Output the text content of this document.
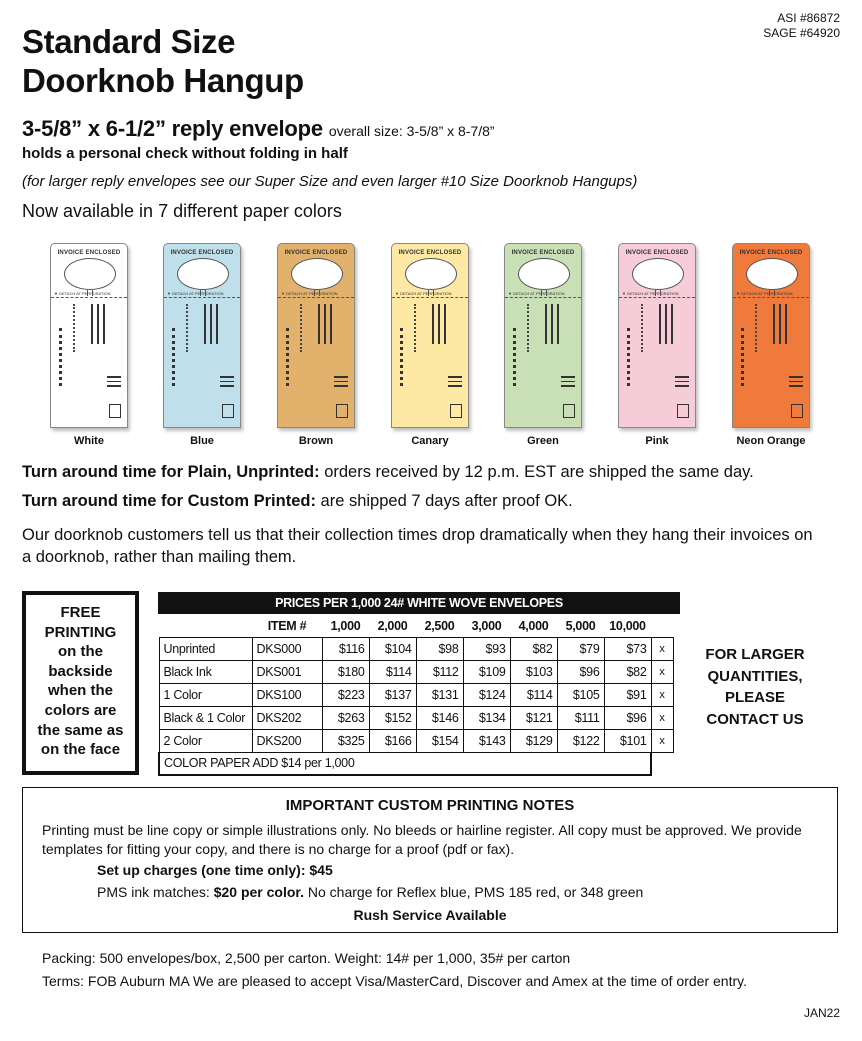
ASI #86872
SAGE #64920
Standard Size
Doorknob Hangup
3-5/8” x 6-1/2” reply envelope overall size: 3-5/8” x 8-7/8”
holds a personal check without folding in half
(for larger reply envelopes see our Super Size and even larger #10 Size Doorknob Hangups)
Now available in 7 different paper colors
INVOICE ENCLOSED
▼ DETACH AT PERFORATION
White
INVOICE ENCLOSED
▼ DETACH AT PERFORATION
Blue
INVOICE ENCLOSED
▼ DETACH AT PERFORATION
Brown
INVOICE ENCLOSED
▼ DETACH AT PERFORATION
Canary
INVOICE ENCLOSED
▼ DETACH AT PERFORATION
Green
INVOICE ENCLOSED
▼ DETACH AT PERFORATION
Pink
INVOICE ENCLOSED
▼ DETACH AT PERFORATION
Neon Orange
Turn around time for Plain, Unprinted: orders received by 12 p.m. EST are shipped the same day.
Turn around time for Custom Printed: are shipped 7 days after proof OK.
Our doorknob customers tell us that their collection times drop dramatically when they hang their invoices on a doorknob, rather than mailing them.
FREE
PRINTING
on the
backside
when the
colors are
the same as
on the face
PRICES PER 1,000 24# WHITE WOVE ENVELOPES
	ITEM #	1,000	2,000	2,500	3,000	4,000	5,000	10,000	
Unprinted	DKS000	$116	$104	$98	$93	$82	$79	$73	x
Black Ink	DKS001	$180	$114	$112	$109	$103	$96	$82	x
1 Color	DKS100	$223	$137	$131	$124	$114	$105	$91	x
Black & 1 Color	DKS202	$263	$152	$146	$134	$121	$111	$96	x
2 Color	DKS200	$325	$166	$154	$143	$129	$122	$101	x
COLOR PAPER ADD $14 per 1,000									
FOR LARGER
QUANTITIES,
PLEASE
CONTACT US
IMPORTANT CUSTOM PRINTING NOTES
Printing must be line copy or simple illustrations only. No bleeds or hairline register. All copy must be approved. We provide templates for fitting your copy, and there is no charge for a proof (pdf or fax).
Set up charges (one time only): $45
PMS ink matches: $20 per color. No charge for Reflex blue, PMS 185 red, or 348 green
Rush Service Available
Packing: 500 envelopes/box, 2,500 per carton. Weight: 14# per 1,000, 35# per carton
Terms: FOB Auburn MA We are pleased to accept Visa/MasterCard, Discover and Amex at the time of order entry.
JAN22
